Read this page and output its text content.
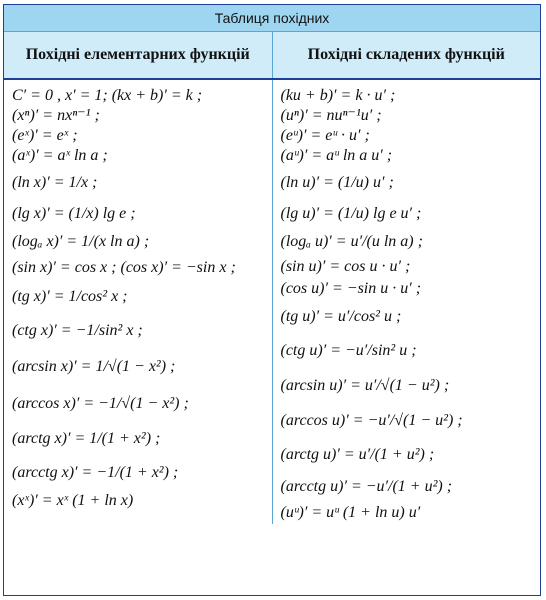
Таблиця похідних
Похідні елементарних функцій	Похідні складених функцій
C′ = 0 , x′ = 1; (kx + b)′ = k ;
(xⁿ)′ = nxⁿ⁻¹ ;
(eˣ)′ = eˣ ;
(aˣ)′ = aˣ ln a ;
(ln x)′ = 1/x ;
(lg x)′ = (1/x) lg e ;
(logₐ x)′ = 1/(x ln a) ;
(sin x)′ = cos x ; (cos x)′ = −sin x ;
(tg x)′ = 1/cos² x ;
(ctg x)′ = −1/sin² x ;
(arcsin x)′ = 1/√(1 − x²) ;
(arccos x)′ = −1/√(1 − x²) ;
(arctg x)′ = 1/(1 + x²) ;
(arcctg x)′ = −1/(1 + x²) ;
(xˣ)′ = xˣ (1 + ln x)
(ku + b)′ = k · u′ ;
(uⁿ)′ = nuⁿ⁻¹u′ ;
(eᵘ)′ = eᵘ · u′ ;
(aᵘ)′ = aᵘ ln a u′ ;
(ln u)′ = (1/u) u′ ;
(lg u)′ = (1/u) lg e u′ ;
(logₐ u)′ = u′/(u ln a) ;
(sin u)′ = cos u · u′ ;
(cos u)′ = −sin u · u′ ;
(tg u)′ = u′/cos² u ;
(ctg u)′ = −u′/sin² u ;
(arcsin u)′ = u′/√(1 − u²) ;
(arccos u)′ = −u′/√(1 − u²) ;
(arctg u)′ = u′/(1 + u²) ;
(arcctg u)′ = −u′/(1 + u²) ;
(uᵘ)′ = uᵘ (1 + ln u) u′
